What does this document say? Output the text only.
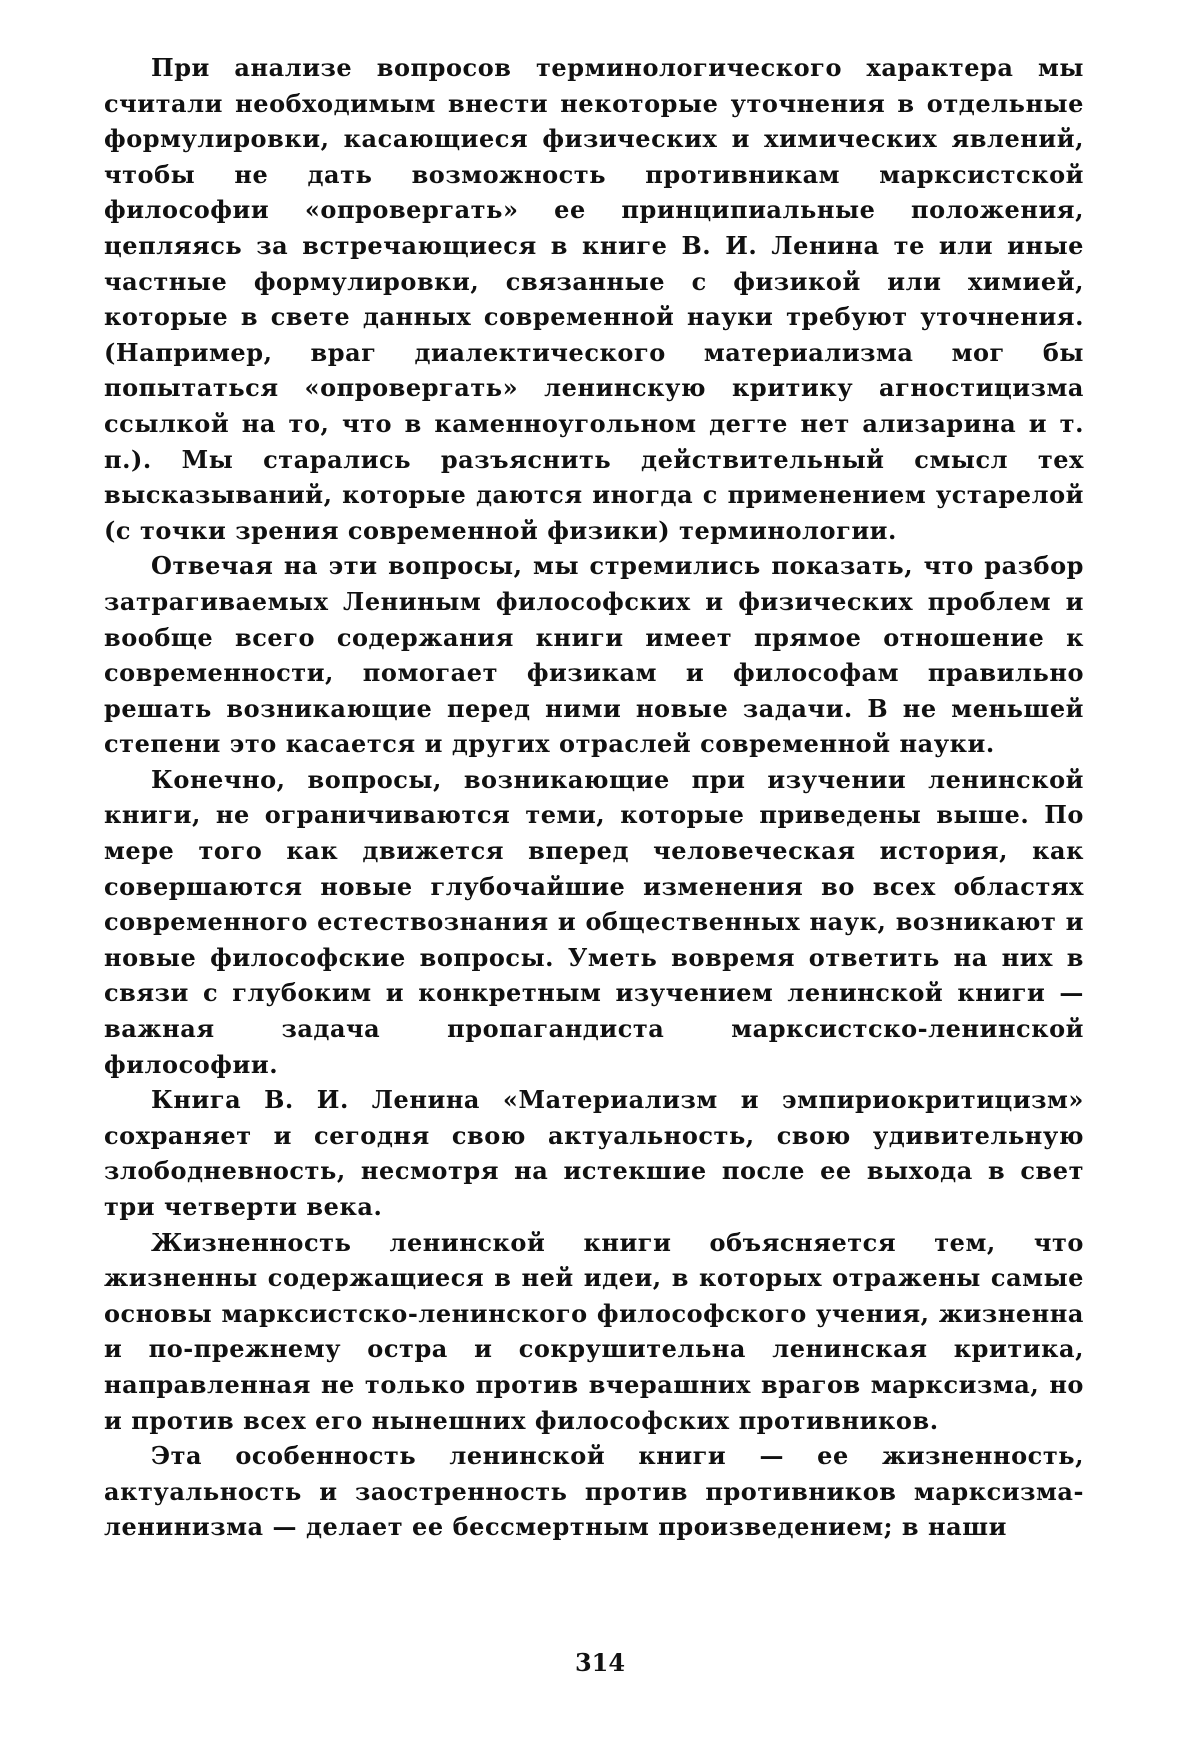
При анализе вопросов терминологического характера мы считали необходимым внести некоторые уточнения в отдельные формулировки, касающиеся физических и химических явлений, чтобы не дать возможность противникам марксистской философии «опровергать» ее принципиальные положения, цепляясь за встречающиеся в книге В. И. Ленина те или иные частные формулировки, связанные с физикой или химией, которые в свете данных современной науки требуют уточнения. (Например, враг диалектического материализма мог бы попытаться «опровергать» ленинскую критику агностицизма ссылкой на то, что в каменноугольном дегте нет ализарина и т. п.). Мы старались разъяснить действительный смысл тех высказываний, которые даются иногда с применением устарелой (с точки зрения современной физики) терминологии.

Отвечая на эти вопросы, мы стремились показать, что разбор затрагиваемых Лениным философских и физических проблем и вообще всего содержания книги имеет прямое отношение к современности, помогает физикам и философам правильно решать возникающие перед ними новые задачи. В не меньшей степени это касается и других отраслей современной науки.

Конечно, вопросы, возникающие при изучении ленинской книги, не ограничиваются теми, которые приведены выше. По мере того как движется вперед человеческая история, как совершаются новые глубочайшие изменения во всех областях современного естествознания и общественных наук, возникают и новые философские вопросы. Уметь вовремя ответить на них в связи с глубоким и конкретным изучением ленинской книги — важная задача пропагандиста марксистско-ленинской философии.

Книга В. И. Ленина «Материализм и эмпириокритицизм» сохраняет и сегодня свою актуальность, свою удивительную злободневность, несмотря на истекшие после ее выхода в свет три четверти века.

Жизненность ленинской книги объясняется тем, что жизненны содержащиеся в ней идеи, в которых отражены самые основы марксистско-ленинского философского учения, жизненна и по-прежнему остра и сокрушительна ленинская критика, направленная не только против вчерашних врагов марксизма, но и против всех его нынешних философских противников.

Эта особенность ленинской книги — ее жизненность, актуальность и заостренность против противников марксизма-ленинизма — делает ее бессмертным произведением; в наши

314
